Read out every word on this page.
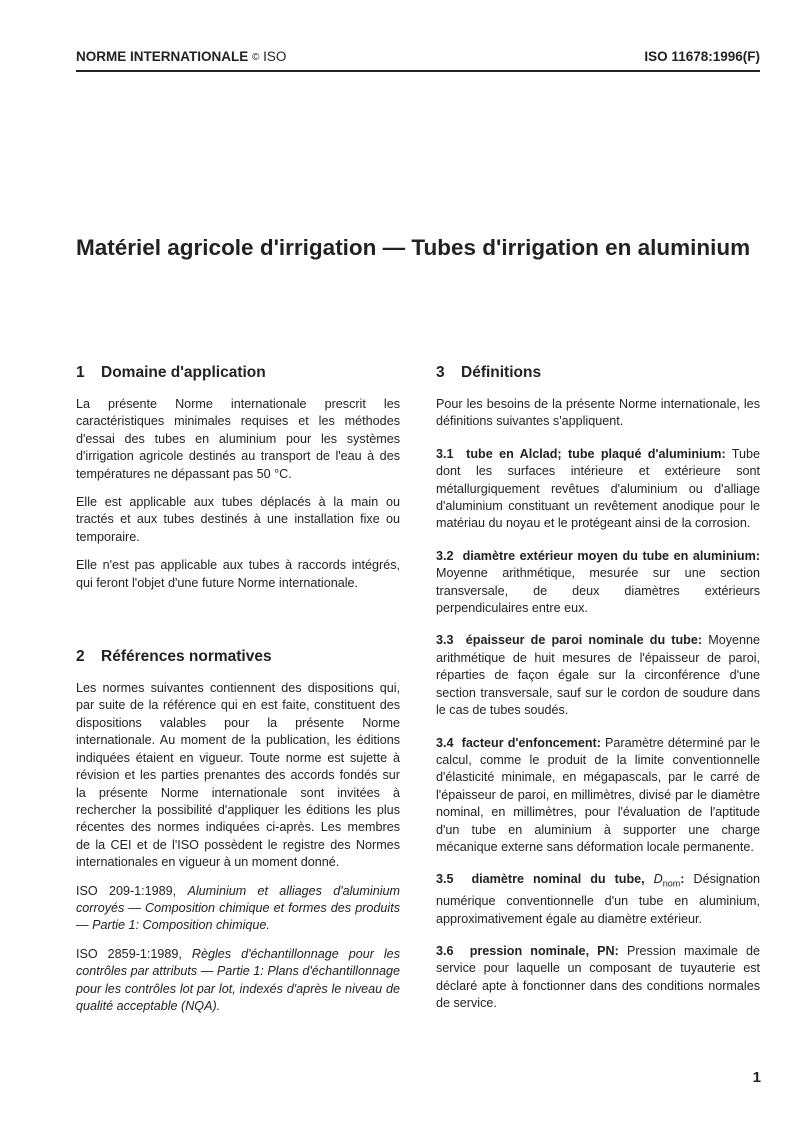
NORME INTERNATIONALE © ISO	ISO 11678:1996(F)
Matériel agricole d'irrigation — Tubes d'irrigation en aluminium
1 Domaine d'application

La présente Norme internationale prescrit les caractéristiques minimales requises et les méthodes d'essai des tubes en aluminium pour les systèmes d'irrigation agricole destinés au transport de l'eau à des températures ne dépassant pas 50 °C.

Elle est applicable aux tubes déplacés à la main ou tractés et aux tubes destinés à une installation fixe ou temporaire.

Elle n'est pas applicable aux tubes à raccords intégrés, qui feront l'objet d'une future Norme internationale.

2 Références normatives

Les normes suivantes contiennent des dispositions qui, par suite de la référence qui en est faite, constituent des dispositions valables pour la présente Norme internationale. Au moment de la publication, les éditions indiquées étaient en vigueur. Toute norme est sujette à révision et les parties prenantes des accords fondés sur la présente Norme internationale sont invitées à rechercher la possibilité d'appliquer les éditions les plus récentes des normes indiquées ci-après. Les membres de la CEI et de l'ISO possèdent le registre des Normes internationales en vigueur à un moment donné.

ISO 209-1:1989, Aluminium et alliages d'aluminium corroyés — Composition chimique et formes des produits — Partie 1: Composition chimique.

ISO 2859-1:1989, Règles d'échantillonnage pour les contrôles par attributs — Partie 1: Plans d'échantillonnage pour les contrôles lot par lot, indexés d'après le niveau de qualité acceptable (NQA).

3 Définitions

Pour les besoins de la présente Norme internationale, les définitions suivantes s'appliquent.

3.1 tube en Alclad; tube plaqué d'aluminium: Tube dont les surfaces intérieure et extérieure sont métallurgiquement revêtues d'aluminium ou d'alliage d'aluminium constituant un revêtement anodique pour le matériau du noyau et le protégeant ainsi de la corrosion.

3.2 diamètre extérieur moyen du tube en aluminium: Moyenne arithmétique, mesurée sur une section transversale, de deux diamètres extérieurs perpendiculaires entre eux.

3.3 épaisseur de paroi nominale du tube: Moyenne arithmétique de huit mesures de l'épaisseur de paroi, réparties de façon égale sur la circonférence d'une section transversale, sauf sur le cordon de soudure dans le cas de tubes soudés.

3.4 facteur d'enfoncement: Paramètre déterminé par le calcul, comme le produit de la limite conventionnelle d'élasticité minimale, en mégapascals, par le carré de l'épaisseur de paroi, en millimètres, divisé par le diamètre nominal, en millimètres, pour l'évaluation de l'aptitude d'un tube en aluminium à supporter une charge mécanique externe sans déformation locale permanente.

3.5 diamètre nominal du tube, $D_{nom}$: Désignation numérique conventionnelle d'un tube en aluminium, approximativement égale au diamètre extérieur.

3.6 pression nominale, PN: Pression maximale de service pour laquelle un composant de tuyauterie est déclaré apte à fonctionner dans des conditions normales de service.

1
